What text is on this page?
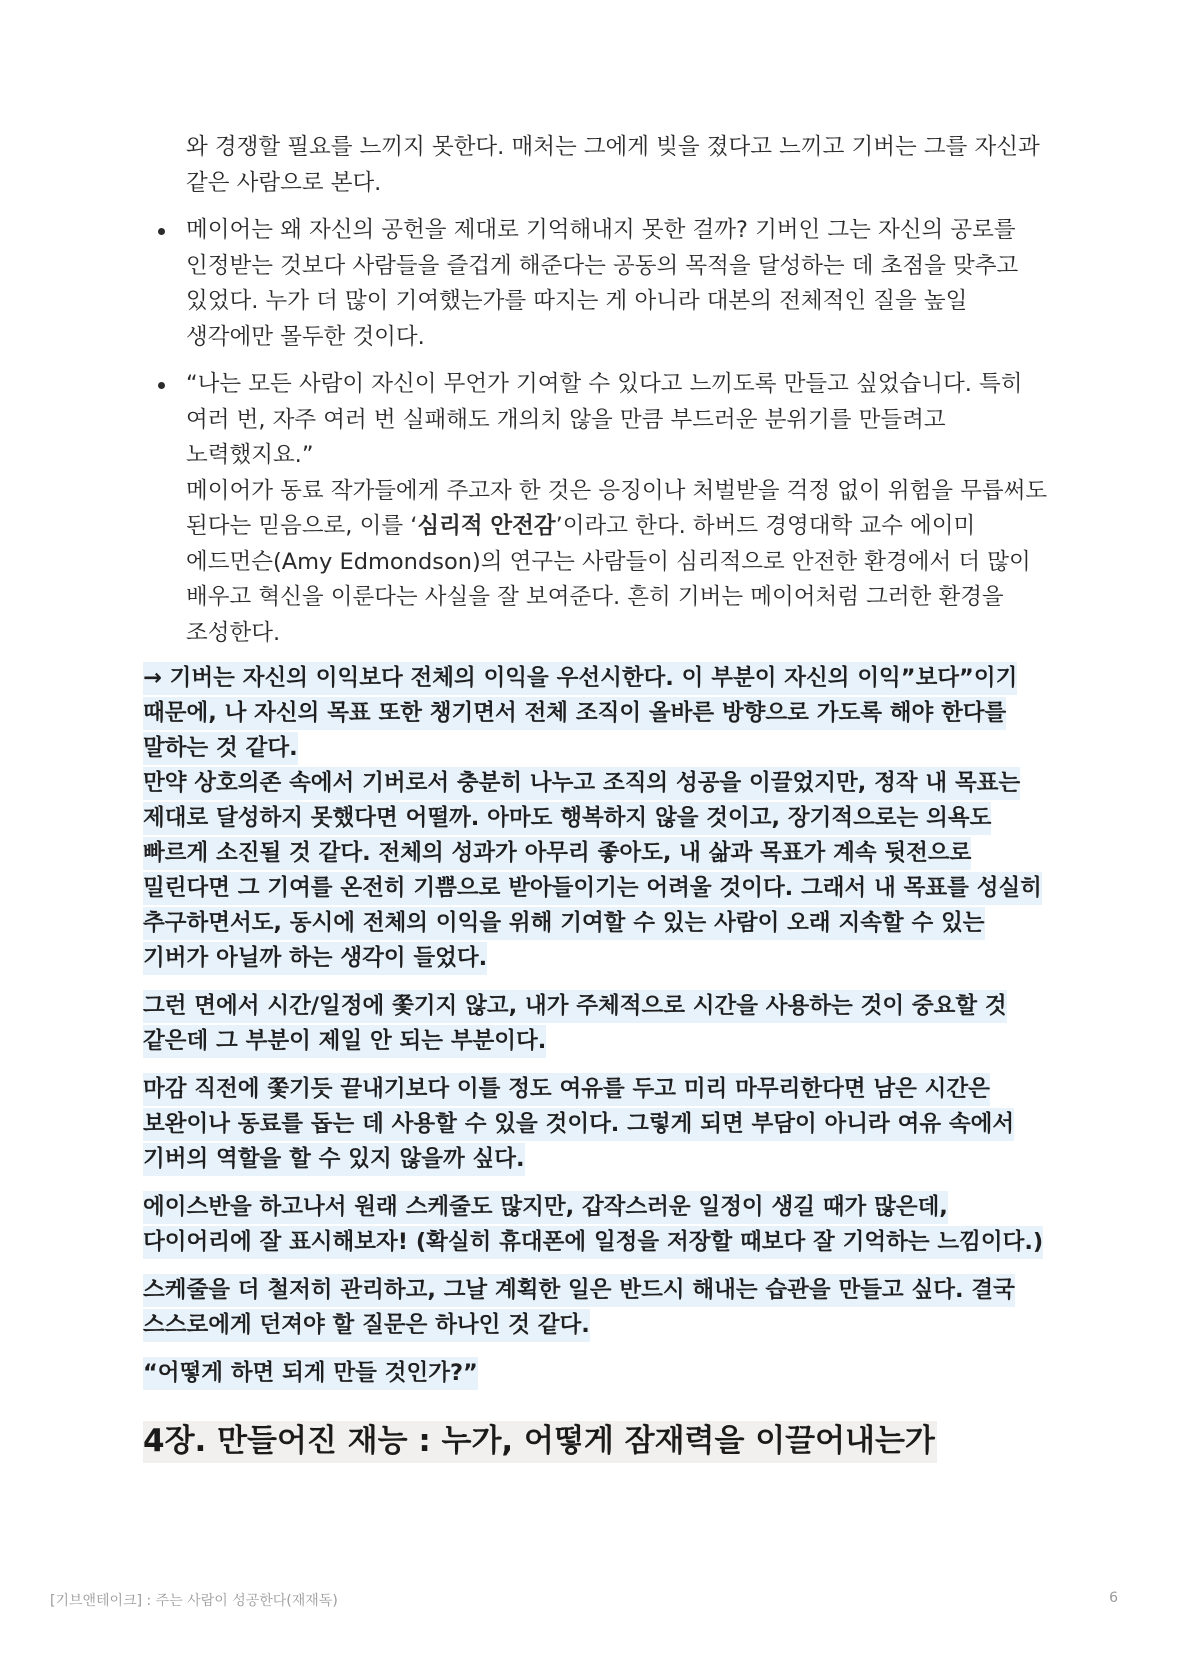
와 경쟁할 필요를 느끼지 못한다. 매처는 그에게 빚을 졌다고 느끼고 기버는 그를 자신과 같은 사람으로 본다.

메이어는 왜 자신의 공헌을 제대로 기억해내지 못한 걸까? 기버인 그는 자신의 공로를 인정받는 것보다 사람들을 즐겁게 해준다는 공동의 목적을 달성하는 데 초점을 맞추고 있었다. 누가 더 많이 기여했는가를 따지는 게 아니라 대본의 전체적인 질을 높일 생각에만 몰두한 것이다.

“나는 모든 사람이 자신이 무언가 기여할 수 있다고 느끼도록 만들고 싶었습니다. 특히 여러 번, 자주 여러 번 실패해도 개의치 않을 만큼 부드러운 분위기를 만들려고 노력했지요.”

메이어가 동료 작가들에게 주고자 한 것은 응징이나 처벌받을 걱정 없이 위험을 무릅써도 된다는 믿음으로, 이를 ‘심리적 안전감’이라고 한다. 하버드 경영대학 교수 에이미 에드먼슨(Amy Edmondson)의 연구는 사람들이 심리적으로 안전한 환경에서 더 많이 배우고 혁신을 이룬다는 사실을 잘 보여준다. 흔히 기버는 메이어처럼 그러한 환경을 조성한다.

→ 기버는 자신의 이익보다 전체의 이익을 우선시한다. 이 부분이 자신의 이익”보다”이기 때문에, 나 자신의 목표 또한 챙기면서 전체 조직이 올바른 방향으로 가도록 해야 한다를 말하는 것 같다.

만약 상호의존 속에서 기버로서 충분히 나누고 조직의 성공을 이끌었지만, 정작 내 목표는 제대로 달성하지 못했다면 어떨까. 아마도 행복하지 않을 것이고, 장기적으로는 의욕도 빠르게 소진될 것 같다. 전체의 성과가 아무리 좋아도, 내 삶과 목표가 계속 뒷전으로 밀린다면 그 기여를 온전히 기쁨으로 받아들이기는 어려울 것이다. 그래서 내 목표를 성실히 추구하면서도, 동시에 전체의 이익을 위해 기여할 수 있는 사람이 오래 지속할 수 있는 기버가 아닐까 하는 생각이 들었다.

그런 면에서 시간/일정에 쫓기지 않고, 내가 주체적으로 시간을 사용하는 것이 중요할 것 같은데 그 부분이 제일 안 되는 부분이다.

마감 직전에 쫓기듯 끝내기보다 이틀 정도 여유를 두고 미리 마무리한다면 남은 시간은 보완이나 동료를 돕는 데 사용할 수 있을 것이다. 그렇게 되면 부담이 아니라 여유 속에서 기버의 역할을 할 수 있지 않을까 싶다.

에이스반을 하고나서 원래 스케줄도 많지만, 갑작스러운 일정이 생길 때가 많은데, 다이어리에 잘 표시해보자! (확실히 휴대폰에 일정을 저장할 때보다 잘 기억하는 느낌이다.)

스케줄을 더 철저히 관리하고, 그날 계획한 일은 반드시 해내는 습관을 만들고 싶다. 결국 스스로에게 던져야 할 질문은 하나인 것 같다.

“어떻게 하면 되게 만들 것인가?”

4장. 만들어진 재능 : 누가, 어떻게 잠재력을 이끌어내는가
[기브앤테이크] : 주는 사람이 성공한다(재재독)	6
